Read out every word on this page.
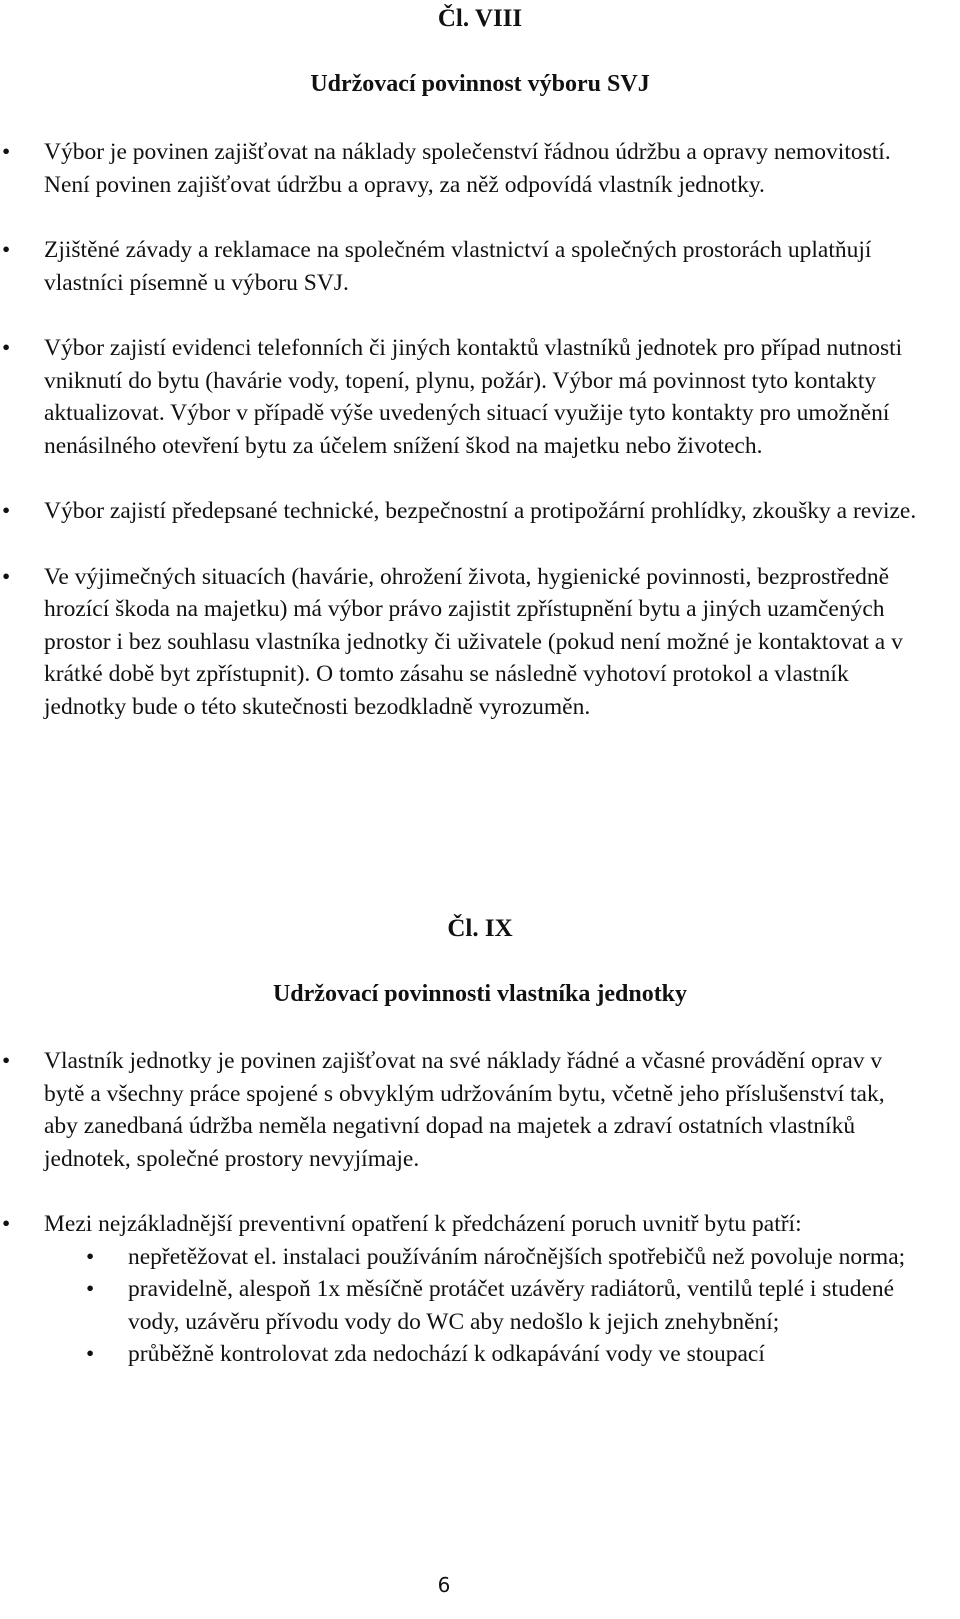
Čl. VIII
Udržovací povinnost výboru SVJ

• Výbor je povinen zajišťovat na náklady společenství řádnou údržbu a opravy nemovitostí. Není povinen zajišťovat údržbu a opravy, za něž odpovídá vlastník jednotky.

• Zjištěné závady a reklamace na společném vlastnictví a společných prostorách uplatňují vlastníci písemně u výboru SVJ.

• Výbor zajistí evidenci telefonních či jiných kontaktů vlastníků jednotek pro případ nutnosti vniknutí do bytu (havárie vody, topení, plynu, požár). Výbor má povinnost tyto kontakty aktualizovat. Výbor v případě výše uvedených situací využije tyto kontakty pro umožnění nenásilného otevření bytu za účelem snížení škod na majetku nebo životech.

• Výbor zajistí předepsané technické, bezpečnostní a protipožární prohlídky, zkoušky a revize.

• Ve výjimečných situacích (havárie, ohrožení života, hygienické povinnosti, bezprostředně hrozící škoda na majetku) má výbor právo zajistit zpřístupnění bytu a jiných uzamčených prostor i bez souhlasu vlastníka jednotky či uživatele (pokud není možné je kontaktovat a v krátké době byt zpřístupnit). O tomto zásahu se následně vyhotoví protokol a vlastník jednotky bude o této skutečnosti bezodkladně vyrozuměn.

Čl. IX
Udržovací povinnosti vlastníka jednotky

• Vlastník jednotky je povinen zajišťovat na své náklady řádné a včasné provádění oprav v bytě a všechny práce spojené s obvyklým udržováním bytu, včetně jeho příslušenství tak, aby zanedbaná údržba neměla negativní dopad na majetek a zdraví ostatních vlastníků jednotek, společné prostory nevyjímaje.

• Mezi nejzákladnější preventivní opatření k předcházení poruch uvnitř bytu patří:

• nepřetěžovat el. instalaci používáním náročnějších spotřebičů než povoluje norma;

• pravidelně, alespoň 1x měsíčně protáčet uzávěry radiátorů, ventilů teplé i studené vody, uzávěru přívodu vody do WC aby nedošlo k jejich znehybnění;

• průběžně kontrolovat zda nedochází k odkapávání vody ve stoupací

6
